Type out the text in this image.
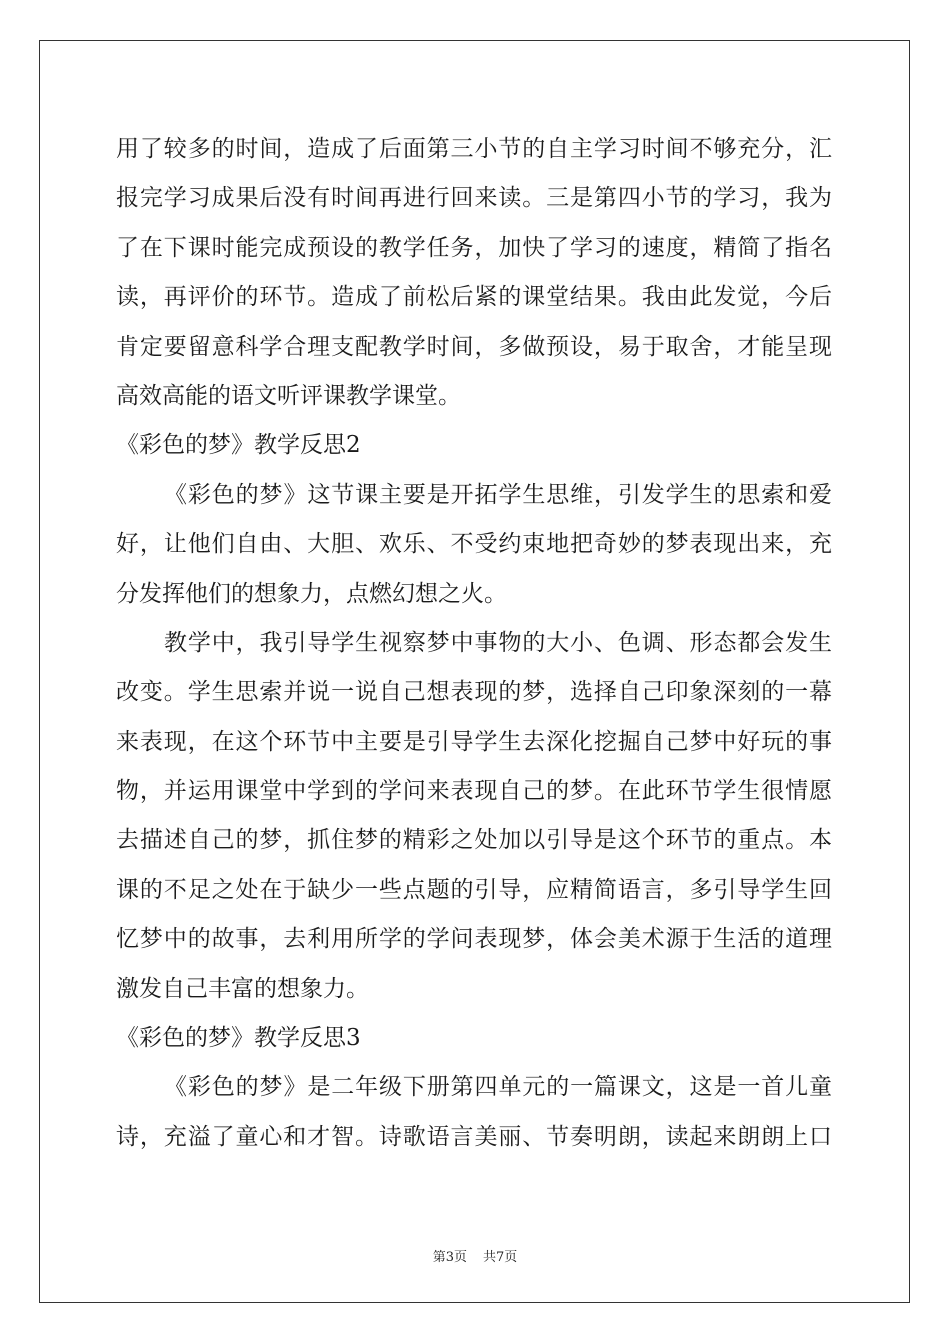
用了较多的时间，造成了后面第三小节的自主学习时间不够充分，汇
报完学习成果后没有时间再进行回来读。三是第四小节的学习，我为
了在下课时能完成预设的教学任务，加快了学习的速度，精简了指名
读，再评价的环节。造成了前松后紧的课堂结果。我由此发觉，今后
肯定要留意科学合理支配教学时间，多做预设，易于取舍，才能呈现
高效高能的语文听评课教学课堂。
《彩色的梦》教学反思2
《彩色的梦》这节课主要是开拓学生思维，引发学生的思索和爱
好，让他们自由、大胆、欢乐、不受约束地把奇妙的梦表现出来，充
分发挥他们的想象力，点燃幻想之火。
教学中，我引导学生视察梦中事物的大小、色调、形态都会发生
改变。学生思索并说一说自己想表现的梦，选择自己印象深刻的一幕
来表现，在这个环节中主要是引导学生去深化挖掘自己梦中好玩的事
物，并运用课堂中学到的学问来表现自己的梦。在此环节学生很情愿
去描述自己的梦，抓住梦的精彩之处加以引导是这个环节的重点。本
课的不足之处在于缺少一些点题的引导，应精简语言，多引导学生回
忆梦中的故事，去利用所学的学问表现梦，体会美术源于生活的道理
激发自己丰富的想象力。
《彩色的梦》教学反思3
《彩色的梦》是二年级下册第四单元的一篇课文，这是一首儿童
诗，充溢了童心和才智。诗歌语言美丽、节奏明朗，读起来朗朗上口
第3页 共7页
